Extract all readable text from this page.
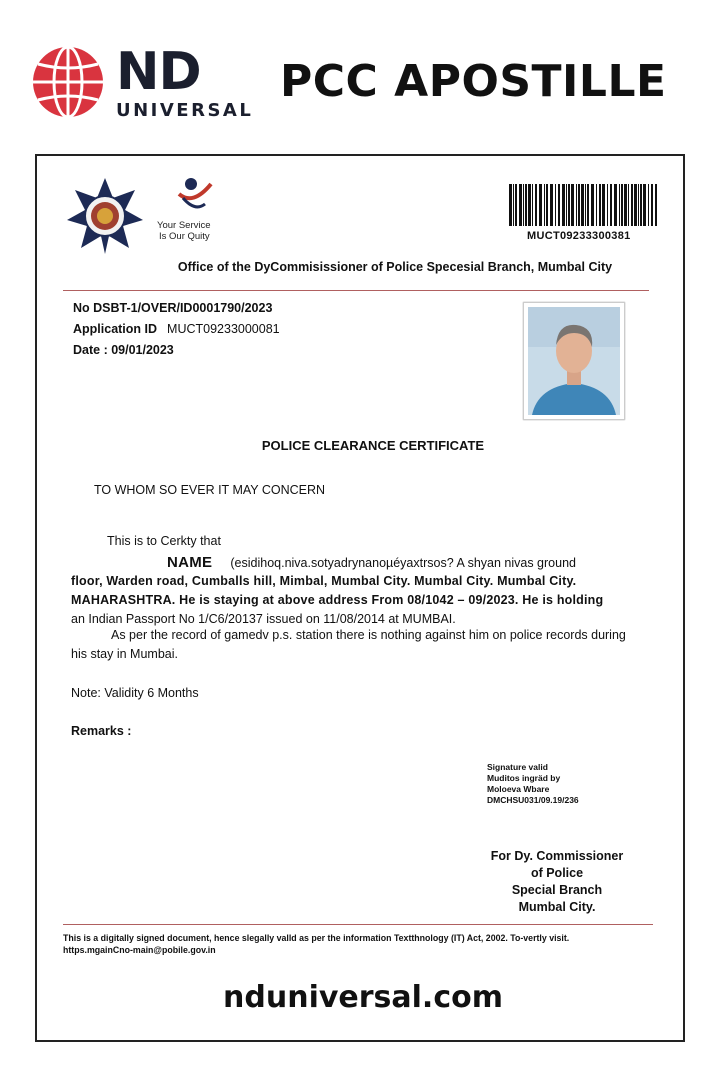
ND
UNIVERSAL
PCC APOSTILLE
Your Service
Is Our Quity	MUCT09233300381
Office of the DyCommisissioner of Police Specesial Branch, Mumbal City
No DSBT-1/OVER/ID0001790/2023
Application ID MUCT09233000081
Date : 09/01/2023
POLICE CLEARANCE CERTIFICATE
TO WHOM SO EVER IT MAY CONCERN
This is to Cerkty that
NAME (esidihoq.niva.sotyadrynanoµéyaxtrsos? A shyan nivas ground
floor, Warden road, Cumballs hill, Mimbal, Mumbal City. Mumbal City. Mumbal City. MAHARASHTRA. He is staying at above address From 08/1042 – 09/2023. He is holding
an Indian Passport No 1/C6/20137 issued on 11/08/2014 at MUMBAI.
As per the record of gamedv p.s. station there is nothing against him on police records during his stay in Mumbai.
Note: Validity 6 Months
Remarks :
Signature valid
Muditos ingräd by
Moloeva Wbare
DMCHSU031/09.19/236
For Dy. Commissioner
of Police
Special Branch
Mumbal City.
This is a digitally signed document, hence slegally valld as per the information Textthnology (IT) Act, 2002. To-vertly visit.
https.mgainCno-main@pobile.gov.in
nduniversal.com
